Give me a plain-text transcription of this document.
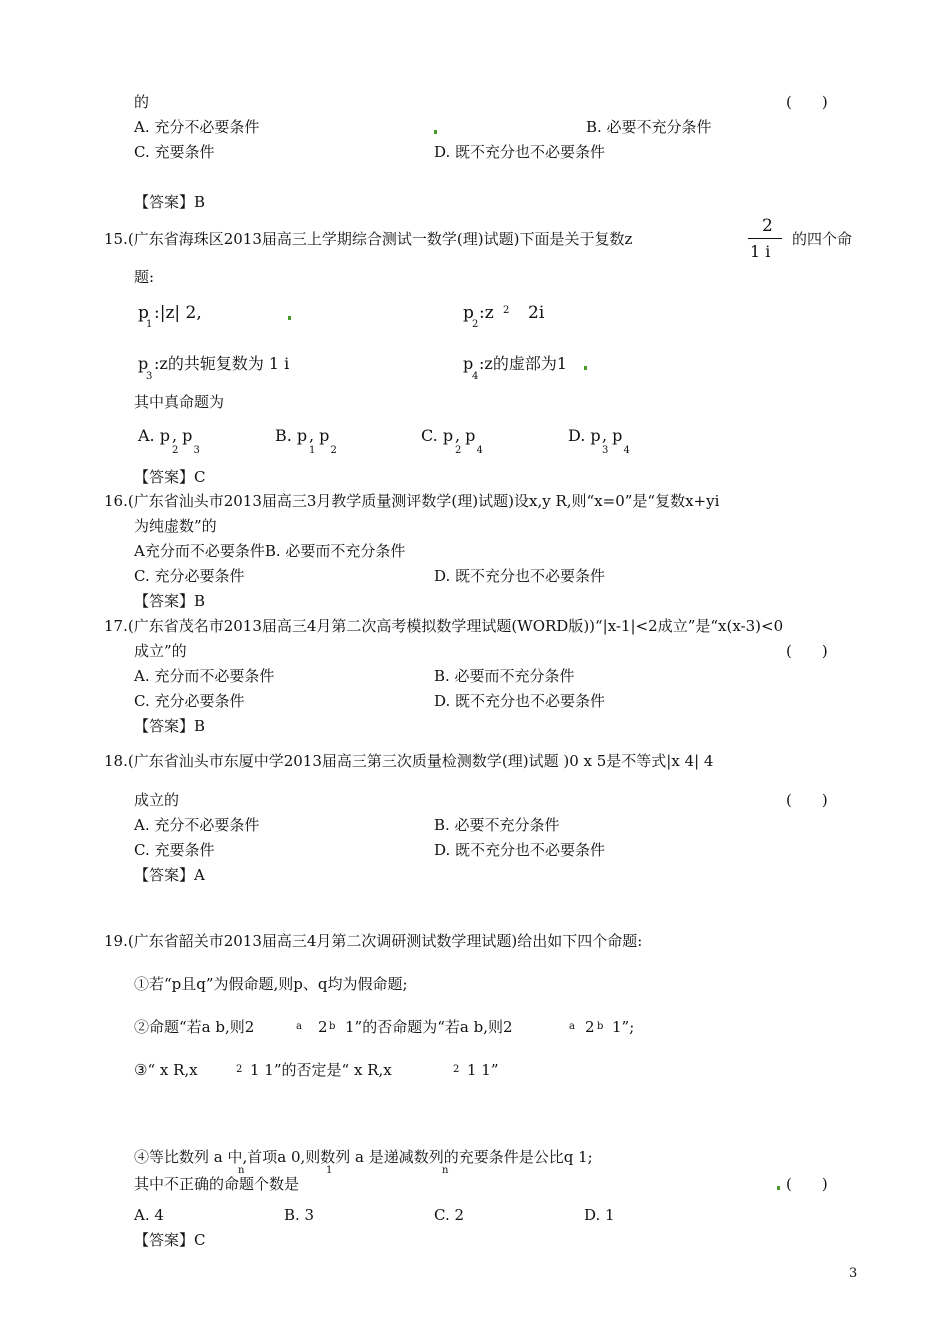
的	(　　)
A. 充分不必要条件	B. 必要不充分条件
C. 充要条件	D. 既不充分也不必要条件
【答案】B
15.(广东省海珠区2013届高三上学期综合测试一数学(理)试题)下面是关于复数z
2
1 i
的四个命
题:
p
1
:|z| 2,	p
2
:z 2 2i
p
3
:z的共轭复数为 1 i	p
4
:z的虚部为1
其中真命题为
A. p , p
2 3
B. p , p
1 2
C. p , p
2 4
D. p , p
3 4
【答案】C
16.(广东省汕头市2013届高三3月教学质量测评数学(理)试题)设x,y R,则“x=0”是“复数x+yi
为纯虚数”的
A充分而不必要条件B. 必要而不充分条件
C. 充分必要条件	D. 既不充分也不必要条件
【答案】B
17.(广东省茂名市2013届高三4月第二次高考模拟数学理试题(WORD版))“|x-1|<2成立”是“x(x-3)<0
成立”的	(　　)
A. 充分而不必要条件	B. 必要而不充分条件
C. 充分必要条件	D. 既不充分也不必要条件
【答案】B
18.(广东省汕头市东厦中学2013届高三第三次质量检测数学(理)试题 )0 x 5是不等式|x 4| 4
成立的	(　　)
A. 充分不必要条件	B. 必要不充分条件
C. 充要条件	D. 既不充分也不必要条件
【答案】A
19.(广东省韶关市2013届高三4月第二次调研测试数学理试题)给出如下四个命题:
①若“p且q”为假命题,则p、q均为假命题;
②命题“若a b,则2	a 2 b 1”的否命题为“若a b,则2	a 2 b 1”;
③“ x R,x	2 1 1”的否定是“ x R,x	2 1 1”
④等比数列 a 中,首项a 0,则数列 a 是递减数列的充要条件是公比q 1;
n	1	n
其中不正确的命题个数是	(　　)
A. 4	B. 3	C. 2	D. 1
【答案】C
3
